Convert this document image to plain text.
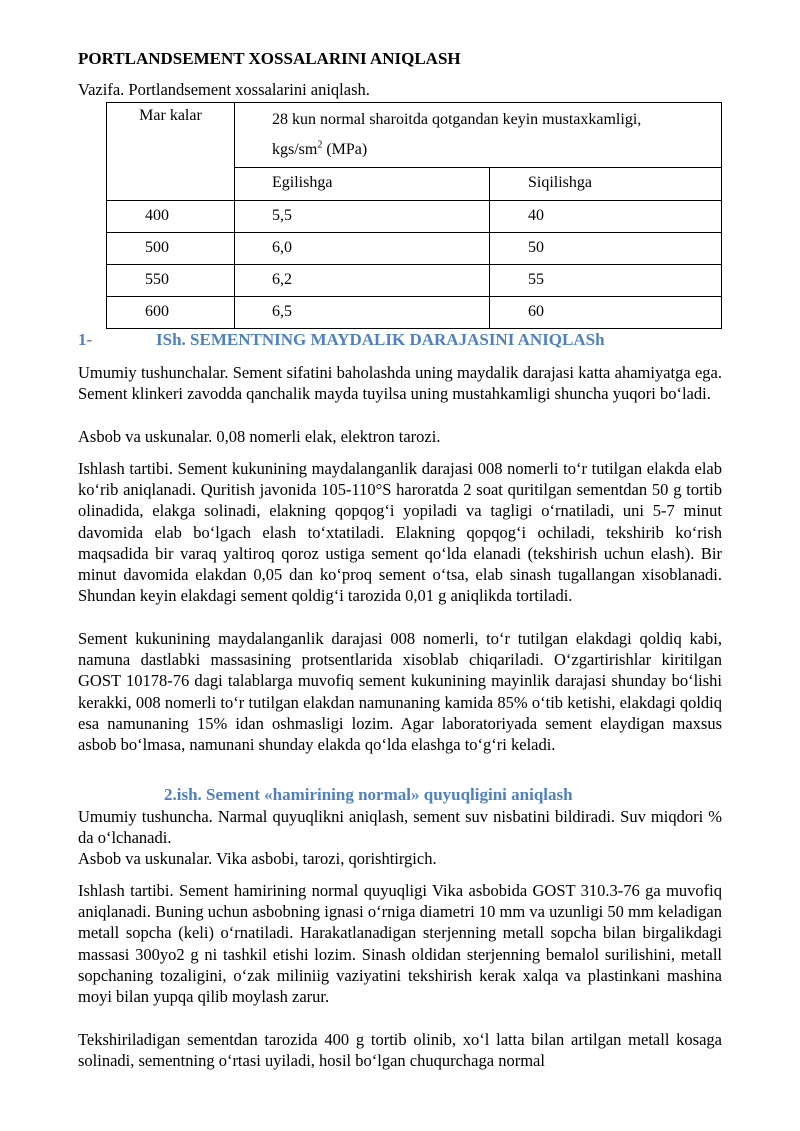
PORTLANDSEMENT XOSSALARINI ANIQLASH

Vazifa. Portlandsement xossalarini aniqlash.

Mar kalar	28 kun normal sharoitda qotgandan keyin mustaxkamligi,
kgs/$sm^2$ (MPa)	

	Egilishga	Siqilishga
400	5,5	40
500	6,0	50
550	6,2	55
600	6,5	60

1-	ISh. SEMENTNING MAYDALIK DARAJASINI ANIQLASh

Umumiy tushunchalar. Sement sifatini baholashda uning maydalik darajasi katta ahamiyatga ega. Sement klinkeri zavodda qanchalik mayda tuyilsa uning mustahkamligi shuncha yuqori bo‘ladi.

Asbob va uskunalar. 0,08 nomerli elak, elektron tarozi.

Ishlash tartibi. Sement kukunining maydalanganlik darajasi 008 nomerli to‘r tutilgan elakda elab ko‘rib aniqlanadi. Quritish javonida 105-110°S haroratda 2 soat quritilgan sementdan 50 g tortib olinadida, elakga solinadi, elakning qopqog‘i yopiladi va tagligi o‘rnatiladi, uni 5-7 minut davomida elab bo‘lgach elash to‘xtatiladi. Elakning qopqog‘i ochiladi, tekshirib ko‘rish maqsadida bir varaq yaltiroq qoroz ustiga sement qo‘lda elanadi (tekshirish uchun elash). Bir minut davomida elakdan 0,05 dan ko‘proq sement o‘tsa, elab sinash tugallangan xisoblanadi. Shundan keyin elakdagi sement qoldig‘i tarozida 0,01 g aniqlikda tortiladi.

Sement kukunining maydalanganlik darajasi 008 nomerli, to‘r tutilgan elakdagi qoldiq kabi, namuna dastlabki massasining protsentlarida xisoblab chiqariladi. O‘zgartirishlar kiritilgan GOST 10178-76 dagi talablarga muvofiq sement kukunining mayinlik darajasi shunday bo‘lishi kerakki, 008 nomerli to‘r tutilgan elakdan namunaning kamida 85% o‘tib ketishi, elakdagi qoldiq esa namunaning 15% idan oshmasligi lozim. Agar laboratoriyada sement elaydigan maxsus asbob bo‘lmasa, namunani shunday elakda qo‘lda elashga to‘g‘ri keladi.

2.ish. Sement «hamirining normal» quyuqligini aniqlash

Umumiy tushuncha. Narmal quyuqlikni aniqlash, sement suv nisbatini bildiradi. Suv miqdori % da o‘lchanadi.

Asbob va uskunalar. Vika asbobi, tarozi, qorishtirgich.

Ishlash tartibi. Sement hamirining normal quyuqligi Vika asbobida GOST 310.3-76 ga muvofiq aniqlanadi. Buning uchun asbobning ignasi o‘rniga diametri 10 mm va uzunligi 50 mm keladigan metall sopcha (keli) o‘rnatiladi. Harakatlanadigan sterjenning metall sopcha bilan birgalikdagi massasi 300yo2 g ni tashkil etishi lozim. Sinash oldidan sterjenning bemalol surilishini, metall sopchaning tozaligini, o‘zak miliniig vaziyatini tekshirish kerak xalqa va plastinkani mashina moyi bilan yupqa qilib moylash zarur.

Tekshiriladigan sementdan tarozida 400 g tortib olinib, xo‘l latta bilan artilgan metall kosaga solinadi, sementning o‘rtasi uyiladi, hosil bo‘lgan chuqurchaga normal
